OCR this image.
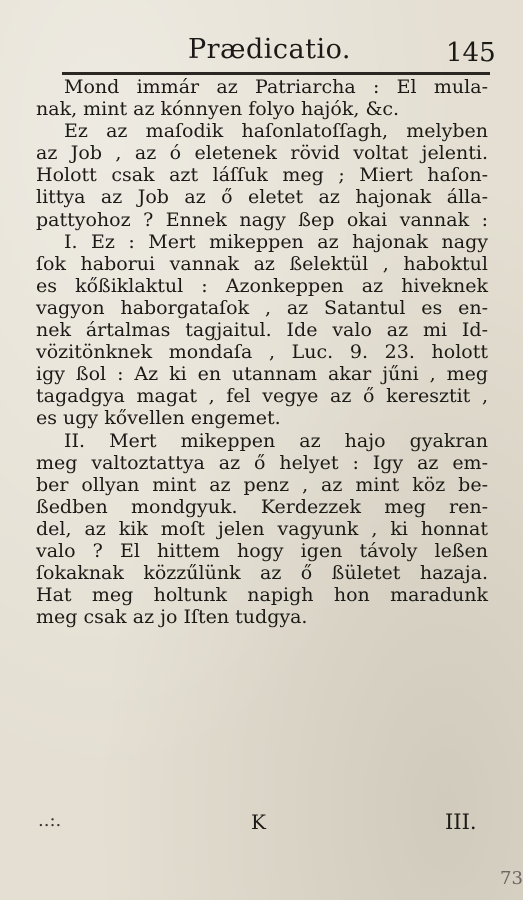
Prædicatio.	145
Mond immár az Patriarcha : El mula-
nak, mint az kónnyen folyo hajók, &c.
Ez az maſodik haſonlatoſſagh, melyben
az Job , az ó eletenek rövid voltat jelenti.
Holott csak azt láſſuk meg ; Miert haſon-
littya az Job az ő eletet az hajonak álla-
pattyohoz ? Ennek nagy ßep okai vannak :
I. Ez : Mert mikeppen az hajonak nagy
ſok haborui vannak az ßelektül , haboktul
es kőßiklaktul : Azonkeppen az hiveknek
vagyon haborgataſok , az Satantul es en-
nek ártalmas tagjaitul. Ide valo az mi Id-
vözitönknek mondaſa , Luc. 9. 23. holott
igy ßol : Az ki en utannam akar jűni , meg
tagadgya magat , fel vegye az ő keresztit ,
es ugy kővellen engemet.
II. Mert mikeppen az hajo gyakran
meg valtoztattya az ő helyet : Igy az em-
ber ollyan mint az penz , az mint köz be-
ßedben mondgyuk. Kerdezzek meg ren-
del, az kik moſt jelen vagyunk , ki honnat
valo ? El hittem hogy igen távoly leßen
ſokaknak közzűlünk az ő ßületet hazaja.
Hat meg holtunk napigh hon maradunk
meg csak az jo Iſten tudgya.
..:.	K	III.
73
